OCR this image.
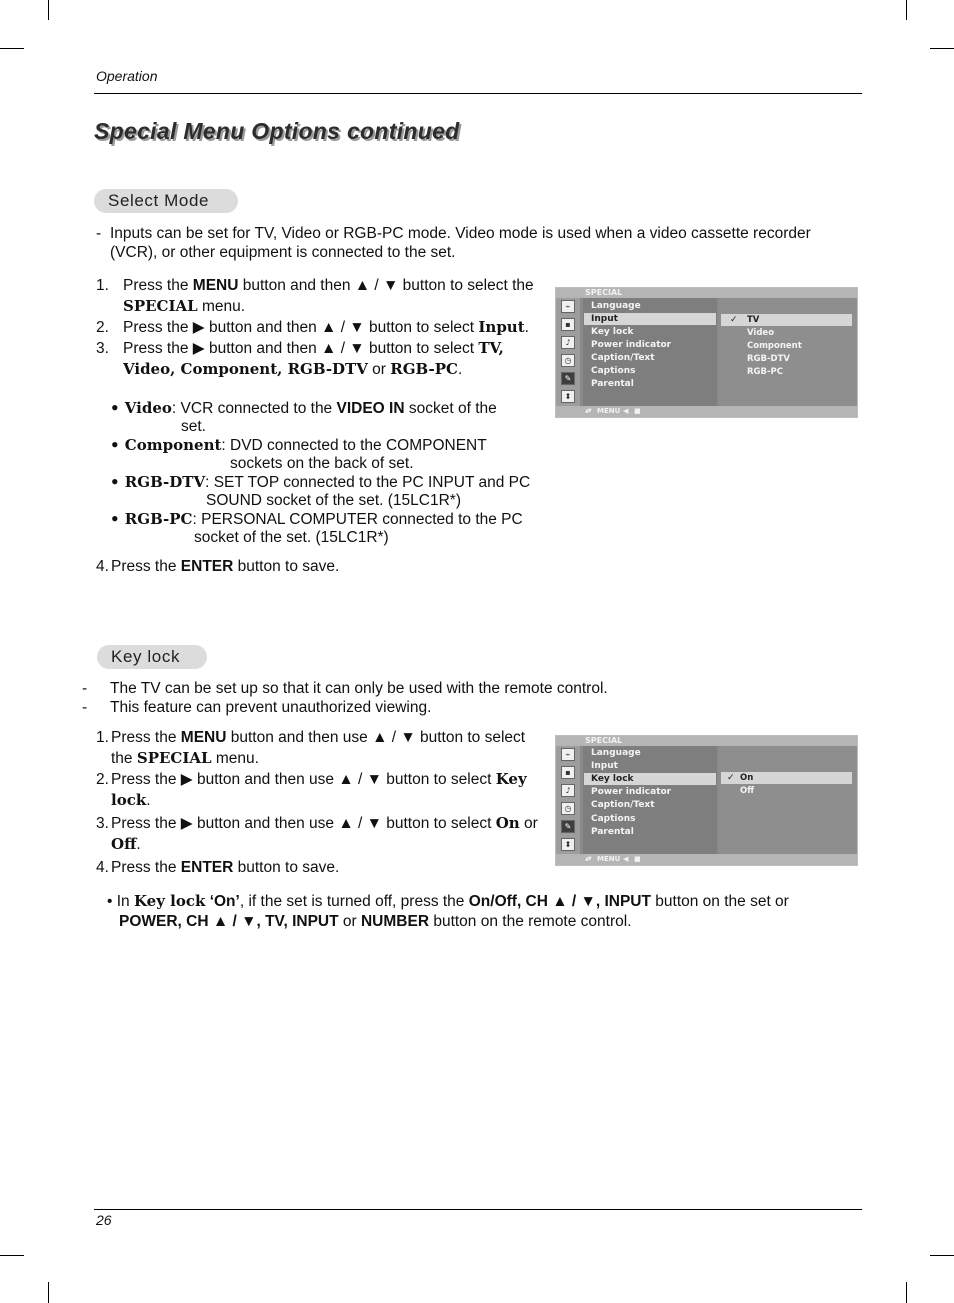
Operation
Special Menu Options continued
Select Mode
- Inputs can be set for TV, Video or RGB-PC mode. Video mode is used when a video cassette recorder
(VCR), or other equipment is connected to the set.
1. Press the MENU button and then ▲ / ▼ button to select the SPECIAL menu.
2. Press the ▶ button and then ▲ / ▼ button to select Input.
3. Press the ▶ button and then ▲ / ▼ button to select TV, Video, Component, RGB-DTV or RGB-PC.
• Video: VCR connected to the VIDEO IN socket of the
set.
• Component: DVD connected to the COMPONENT
sockets on the back of set.
• RGB-DTV: SET TOP connected to the PC INPUT and PC
SOUND socket of the set. (15LC1R*)
• RGB-PC: PERSONAL COMPUTER connected to the PC
socket of the set. (15LC1R*)
4. Press the ENTER button to save.
SPECIAL
⌁
▪
♪
◷
✎
⬍
Language
Input
Key lock
Power indicator
Caption/Text
Captions
Parental
✓ TV
Video
Component
RGB-DTV
RGB-PC
▲▼ MENU ◀ ■
Key lock
- The TV can be set up so that it can only be used with the remote control.
- This feature can prevent unauthorized viewing.
1. Press the MENU button and then use ▲ / ▼ button to select the SPECIAL menu.
2. Press the ▶ button and then use ▲ / ▼ button to select Key lock.
3. Press the ▶ button and then use ▲ / ▼ button to select On or Off.
4. Press the ENTER button to save.
• In Key lock ‘On’, if the set is turned off, press the On/Off, CH ▲ / ▼, INPUT button on the set or
POWER, CH ▲ / ▼, TV, INPUT or NUMBER button on the remote control.
SPECIAL
⌁
▪
♪
◷
✎
⬍
Language
Input
Key lock
Power indicator
Caption/Text
Captions
Parental
✓ On
Off
▲▼ MENU ◀ ■
26
